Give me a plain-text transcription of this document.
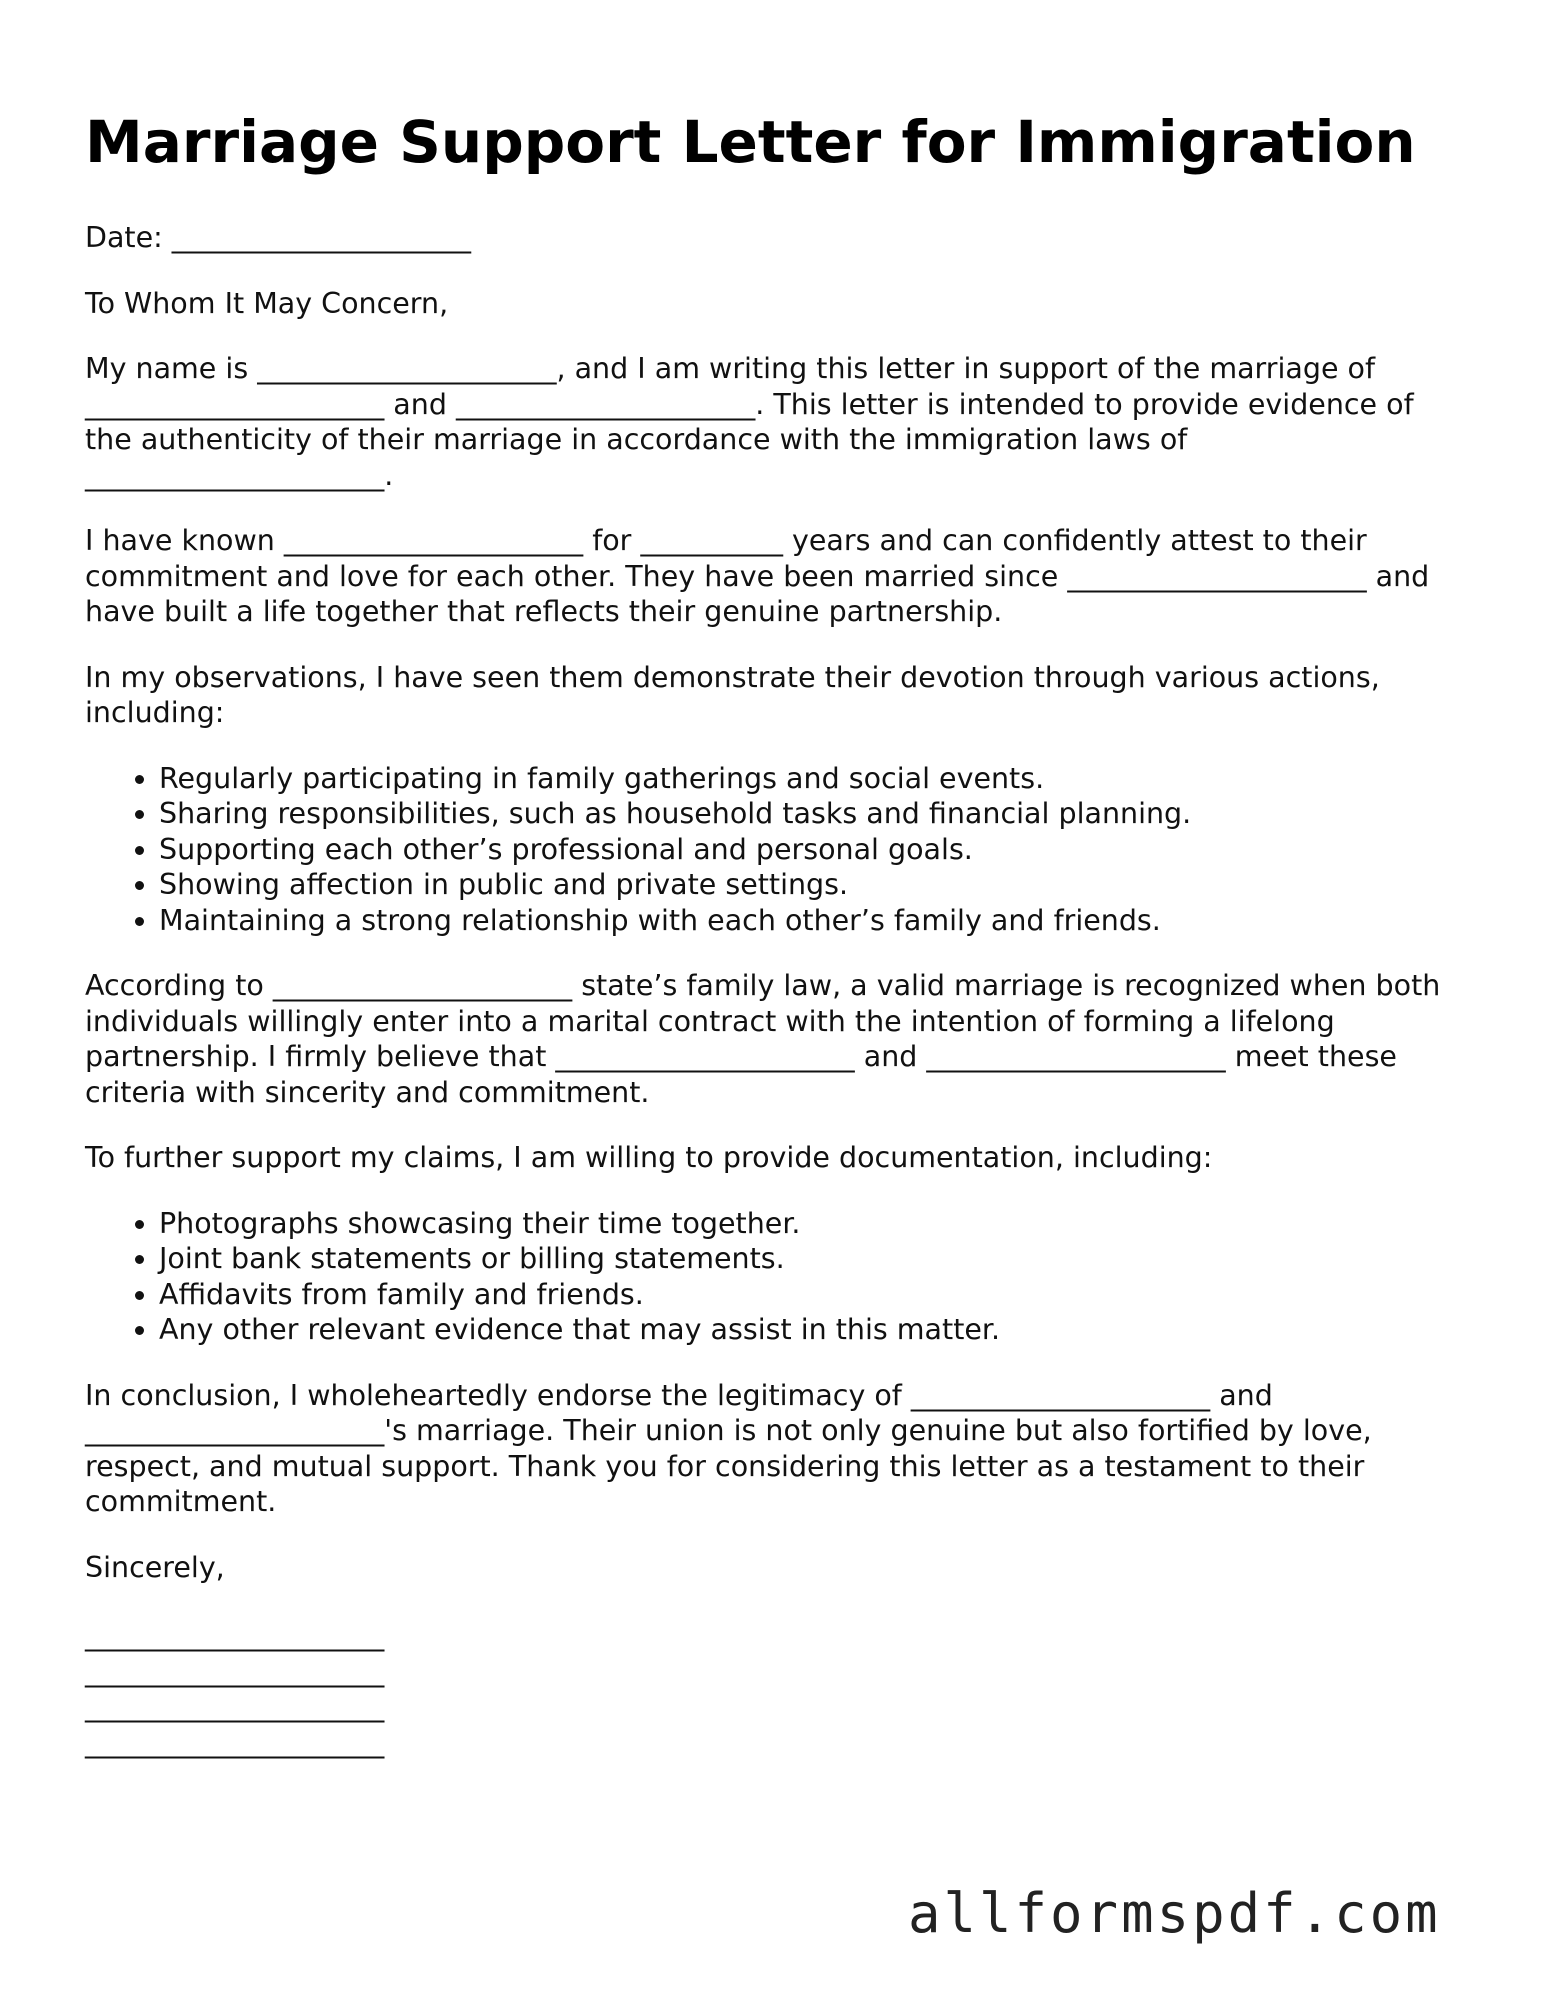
Marriage Support Letter for Immigration

Date: _____________________

To Whom It May Concern,

My name is _____________________, and I am writing this letter in support of the marriage of _____________________ and _____________________. This letter is intended to provide evidence of the authenticity of their marriage in accordance with the immigration laws of _____________________.

I have known _____________________ for __________ years and can confidently attest to their commitment and love for each other. They have been married since _____________________ and have built a life together that reflects their genuine partnership.

In my observations, I have seen them demonstrate their devotion through various actions, including:

• Regularly participating in family gatherings and social events.
• Sharing responsibilities, such as household tasks and financial planning.
• Supporting each other’s professional and personal goals.
• Showing affection in public and private settings.
• Maintaining a strong relationship with each other’s family and friends.

According to _____________________ state’s family law, a valid marriage is recognized when both individuals willingly enter into a marital contract with the intention of forming a lifelong partnership. I firmly believe that _____________________ and _____________________ meet these criteria with sincerity and commitment.

To further support my claims, I am willing to provide documentation, including:

• Photographs showcasing their time together.
• Joint bank statements or billing statements.
• Affidavits from family and friends.
• Any other relevant evidence that may assist in this matter.

In conclusion, I wholeheartedly endorse the legitimacy of _____________________ and _____________________'s marriage. Their union is not only genuine but also fortified by love, respect, and mutual support. Thank you for considering this letter as a testament to their commitment.

Sincerely,

_____________________
_____________________
_____________________
_____________________
allformspdf.com
